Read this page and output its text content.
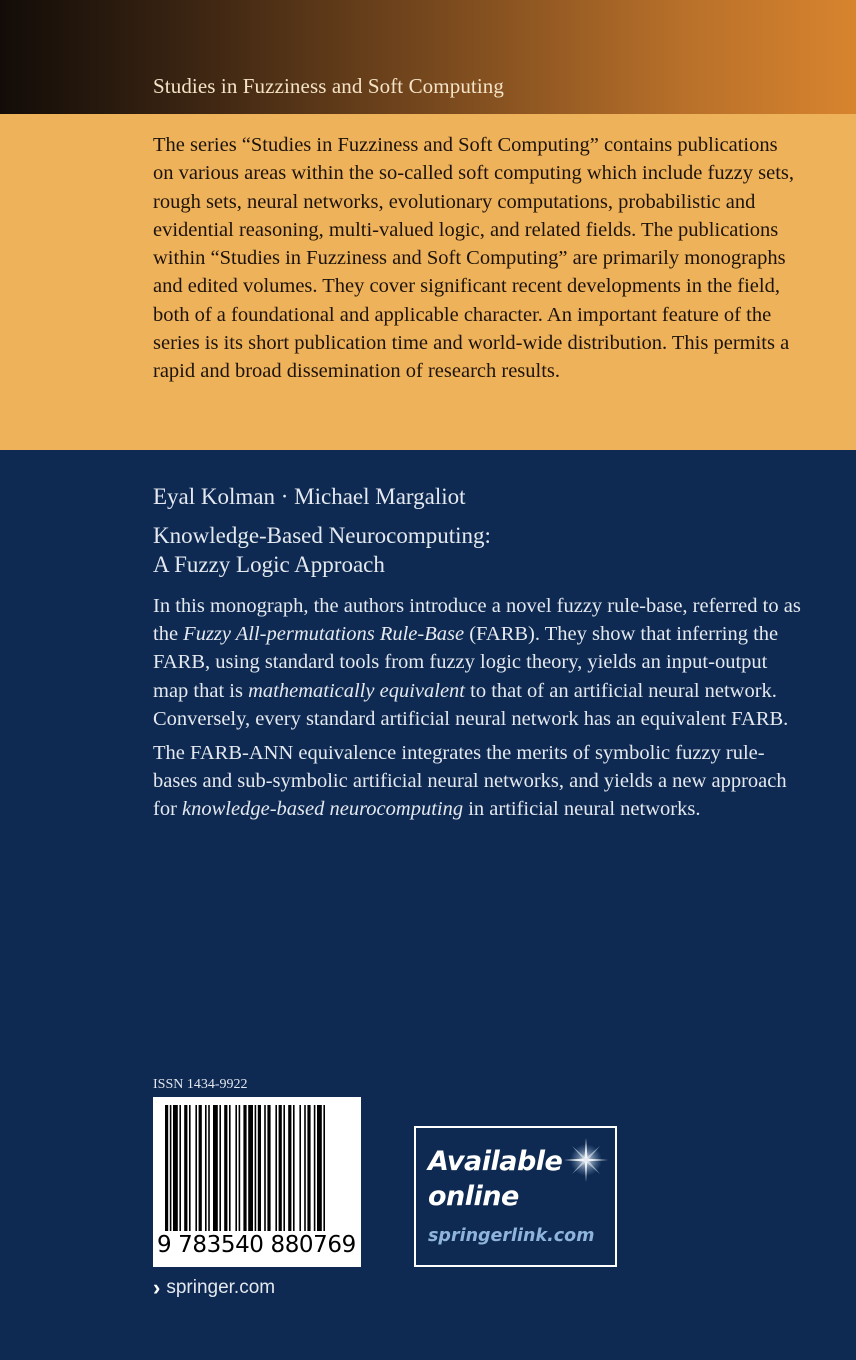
Studies in Fuzziness and Soft Computing
The series “Studies in Fuzziness and Soft Computing” contains publications on various areas within the so-called soft computing which include fuzzy sets, rough sets, neural networks, evolutionary computations, probabilistic and evidential reasoning, multi-valued logic, and related fields. The publications within “Studies in Fuzziness and Soft Computing” are primarily monographs and edited volumes. They cover significant recent developments in the field, both of a foundational and applicable character. An important feature of the series is its short publication time and world-wide distribution. This permits a rapid and broad dissemination of research results.
Eyal Kolman · Michael Margaliot
Knowledge-Based Neurocomputing:
A Fuzzy Logic Approach

In this monograph, the authors introduce a novel fuzzy rule-base, referred to as the Fuzzy All-permutations Rule-Base (FARB). They show that inferring the FARB, using standard tools from fuzzy logic theory, yields an input-output map that is mathematically equivalent to that of an artificial neural network. Conversely, every standard artificial neural network has an equivalent FARB.

The FARB-ANN equivalence integrates the merits of symbolic fuzzy rule-bases and sub-symbolic artificial neural networks, and yields a new approach for knowledge-based neurocomputing in artificial neural networks.

ISSN 1434-9922
9 783540 880769
› springer.com
Available
online
springerlink.com
